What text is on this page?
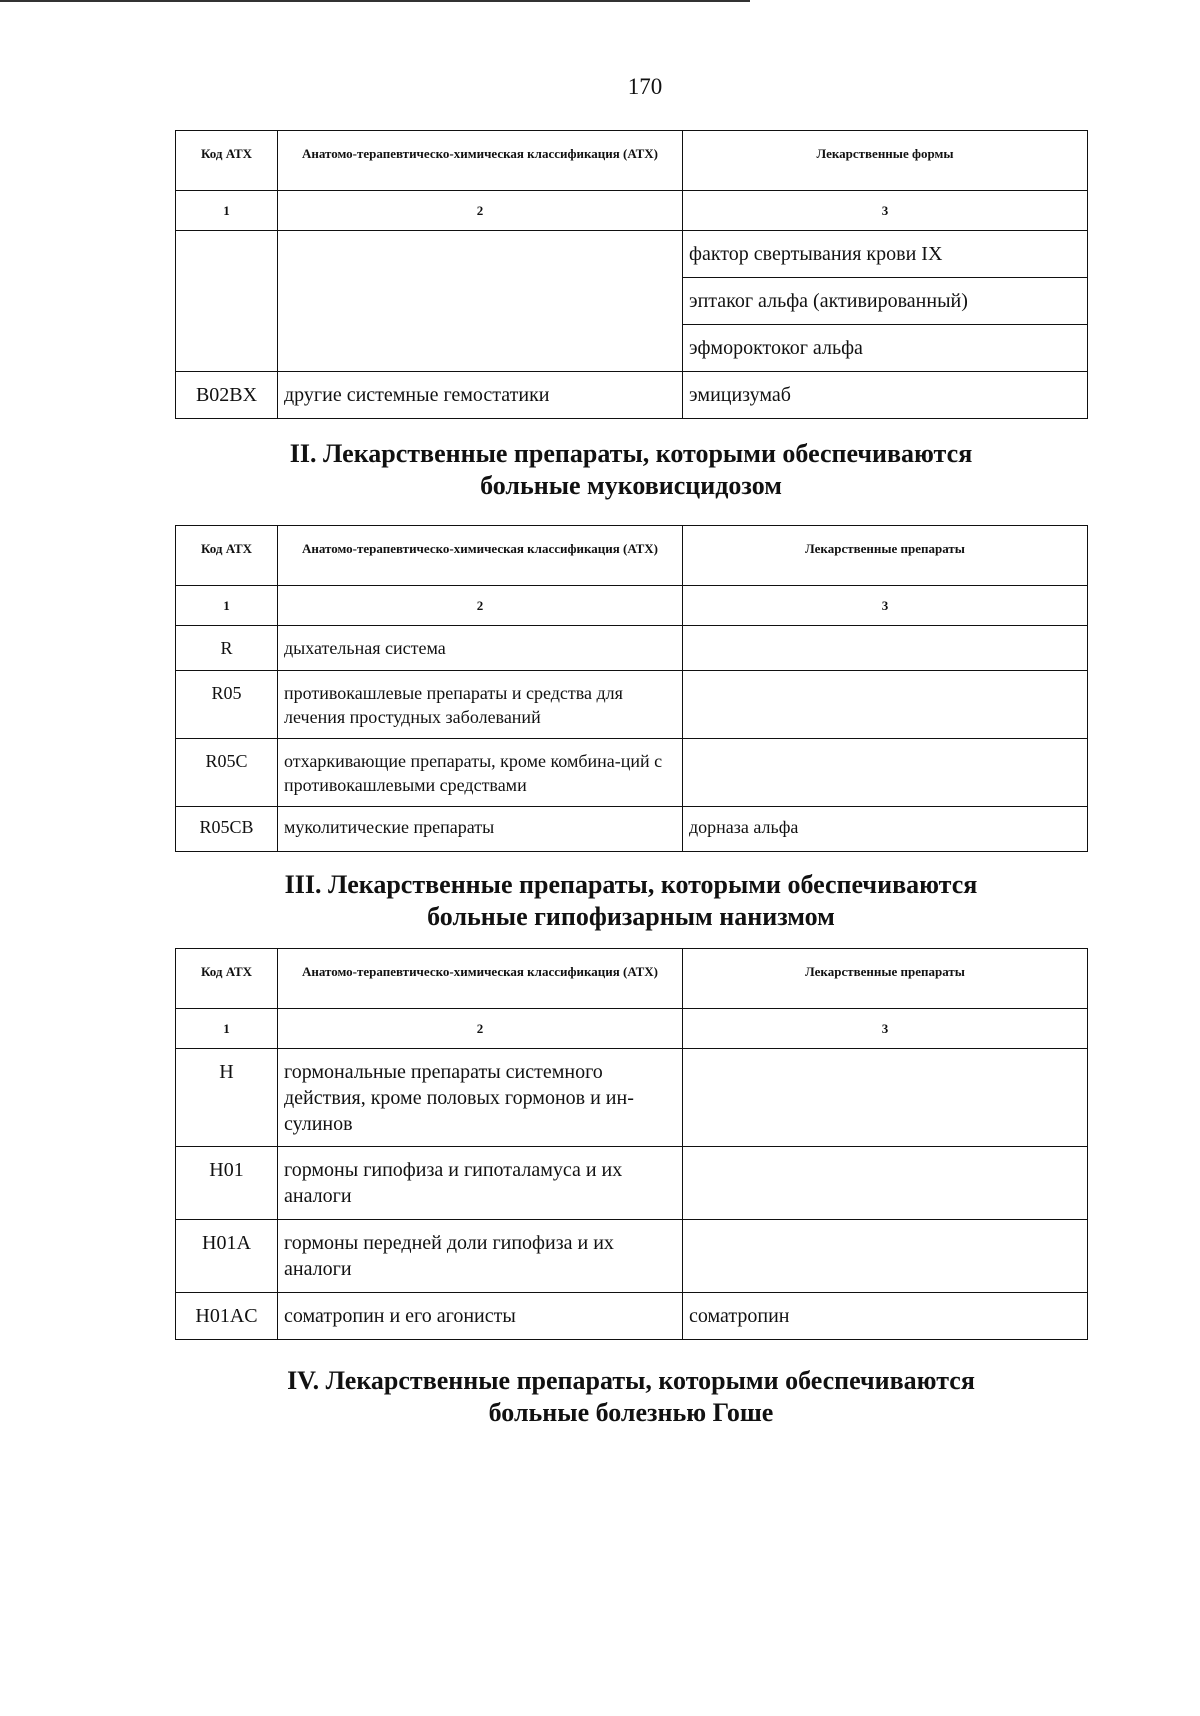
170
Код АТХ	Анатомо-терапевтическо-химическая классификация (АТХ)	Лекарственные формы
1	2	3
		фактор свертывания крови IX
		эптаког альфа (активированный)
		эфмороктоког альфа
B02BX	другие системные гемостатики	эмицизумаб
II. Лекарственные препараты, которыми обеспечиваются
больные муковисцидозом
Код АТХ	Анатомо-терапевтическо-химическая классификация (АТХ)	Лекарственные препараты
1	2	3
R	дыхательная система	
R05	противокашлевые препараты и средства для лечения простудных заболеваний	
R05C	отхаркивающие препараты, кроме комбина-ций с противокашлевыми средствами	
R05CB	муколитические препараты	дорназа альфа
III. Лекарственные препараты, которыми обеспечиваются
больные гипофизарным нанизмом
Код АТХ	Анатомо-терапевтическо-химическая классификация (АТХ)	Лекарственные препараты
1	2	3
H	гормональные препараты системного действия, кроме половых гормонов и ин-сулинов	
H01	гормоны гипофиза и гипоталамуса и их аналоги	
H01A	гормоны передней доли гипофиза и их аналоги	
H01AC	соматропин и его агонисты	соматропин
IV. Лекарственные препараты, которыми обеспечиваются
больные болезнью Гоше
